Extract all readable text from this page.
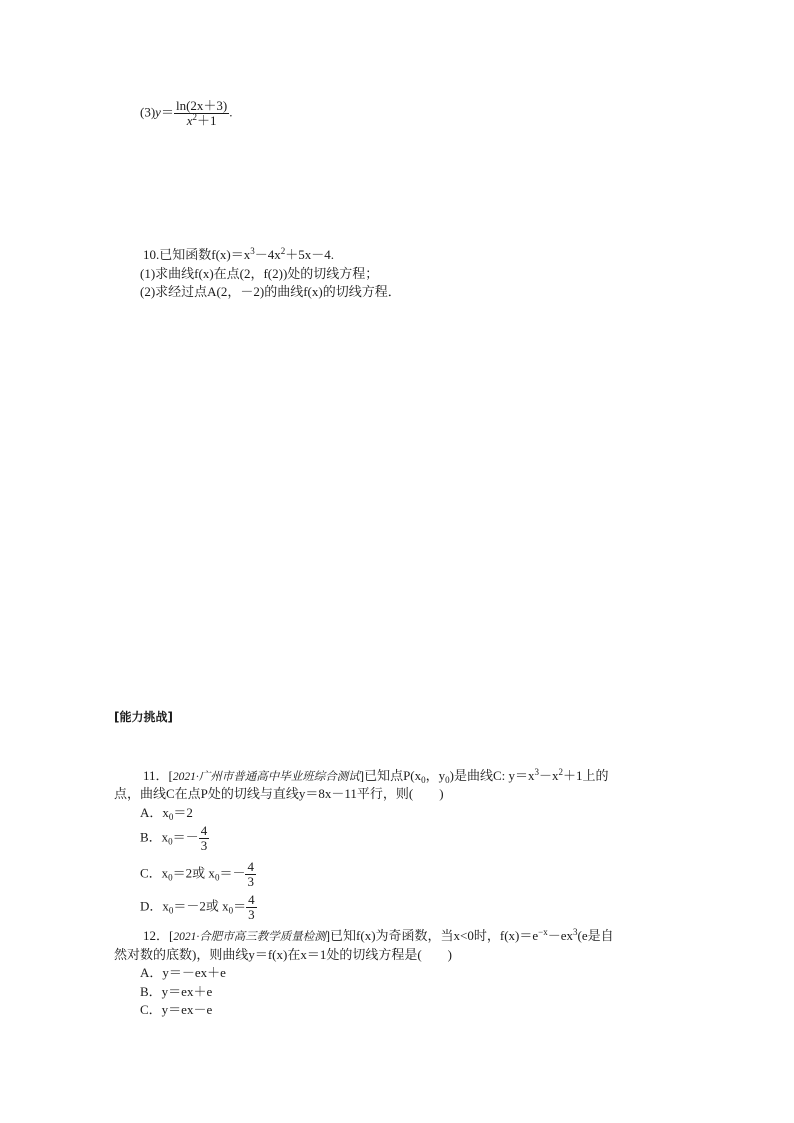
$(3)y= \frac{\ln(2x+3)}{x^2+1}$ .
10.已知函数$f(x)=x^3-4x^2+5x-4$.
(1)求曲线f(x)在点(2，f(2))处的切线方程；
(2)求经过点A(2，－2)的曲线f(x)的切线方程．
[能力挑战]
11．[2021·广州市普通高中毕业班综合测试]已知点$P(x_0$，$y_0$)是曲线C: $y=x^3-x^2+1$上的
点，曲线C在点P处的切线与直线y＝8x－11平行，则(　　)
A．$x_0=2$
B．$x_0=- \frac{4}{3}$
C．$x_0=2$或 $x_0=- \frac{4}{3}$
D．$x_0=-2$或 $x_0= \frac{4}{3}$
12．[2021·合肥市高三教学质量检测]已知f(x)为奇函数，当x<0时，$f(x)=e^{-x}-ex^3(e$是自
然对数的底数)，则曲线y＝f(x)在x＝1处的切线方程是(　　)
A．y＝－ex＋e
B．y＝ex＋e
C．y＝ex－e
